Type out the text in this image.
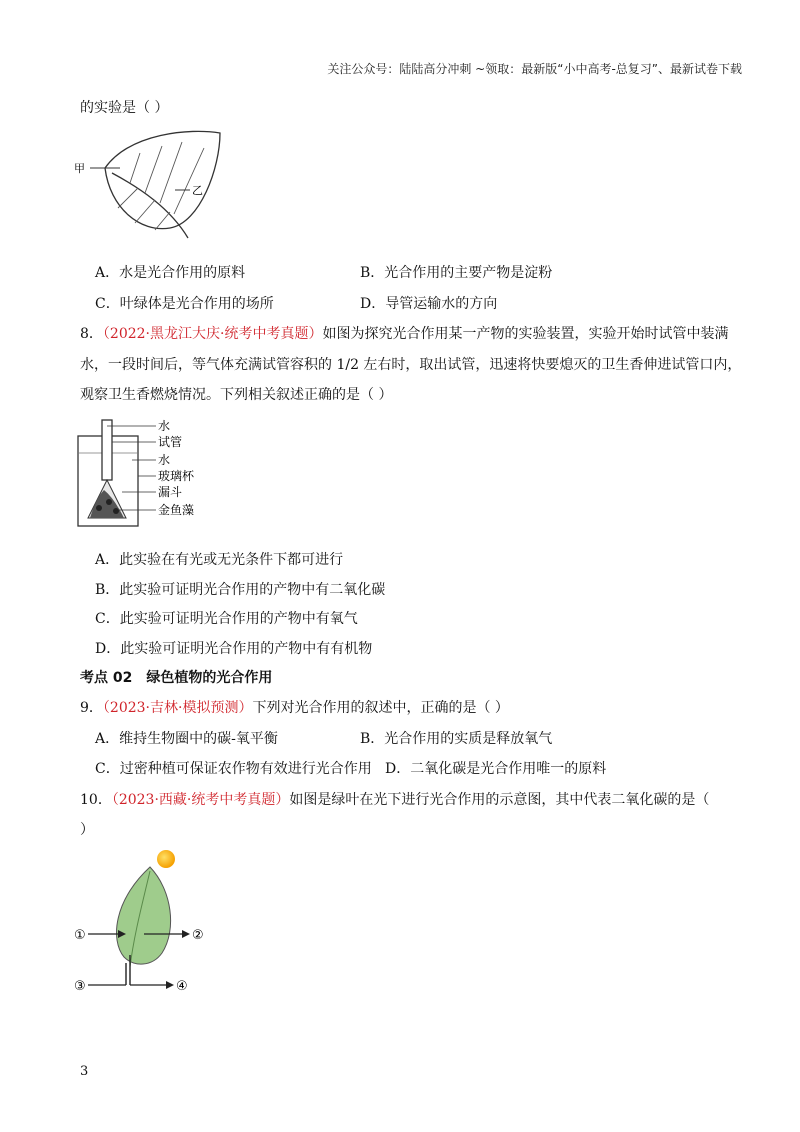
关注公众号：陆陆高分冲刺 ~领取：最新版“小中高考-总复习”、最新试卷下载
的实验是（ ）
甲
乙
A．水是光合作用的原料	B．光合作用的主要产物是淀粉
C．叶绿体是光合作用的场所	D．导管运输水的方向
8．（2022·黑龙江大庆·统考中考真题）如图为探究光合作用某一产物的实验装置，实验开始时试管中装满
水，一段时间后，等气体充满试管容积的 1/2 左右时，取出试管，迅速将快要熄灭的卫生香伸进试管口内，
观察卫生香燃烧情况。下列相关叙述正确的是（ ）
水
试管
水
玻璃杯
漏斗
金鱼藻
A．此实验在有光或无光条件下都可进行
B．此实验可证明光合作用的产物中有二氧化碳
C．此实验可证明光合作用的产物中有氧气
D．此实验可证明光合作用的产物中有有机物
考点 02 绿色植物的光合作用
9．（2023·吉林·模拟预测）下列对光合作用的叙述中，正确的是（ ）
A．维持生物圈中的碳-氧平衡	B．光合作用的实质是释放氧气
C．过密种植可保证农作物有效进行光合作用 D．二氧化碳是光合作用唯一的原料
10．（2023·西藏·统考中考真题）如图是绿叶在光下进行光合作用的示意图，其中代表二氧化碳的是（
）
①	②
③	④
3
